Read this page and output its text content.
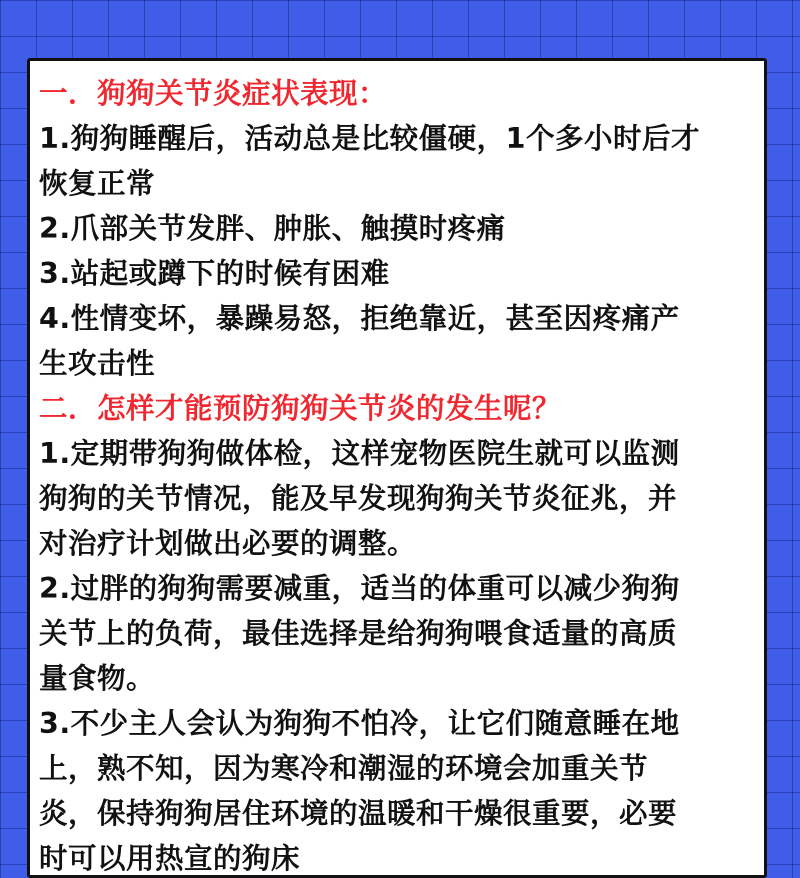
一．狗狗关节炎症状表现：
1.狗狗睡醒后，活动总是比较僵硬，1个多小时后才
恢复正常
2.爪部关节发胖、肿胀、触摸时疼痛
3.站起或蹲下的时候有困难
4.性情变坏，暴躁易怒，拒绝靠近，甚至因疼痛产
生攻击性
二．怎样才能预防狗狗关节炎的发生呢？
1.定期带狗狗做体检，这样宠物医院生就可以监测
狗狗的关节情况，能及早发现狗狗关节炎征兆，并
对治疗计划做出必要的调整。
2.过胖的狗狗需要减重，适当的体重可以减少狗狗
关节上的负荷，最佳选择是给狗狗喂食适量的高质
量食物。
3.不少主人会认为狗狗不怕冷，让它们随意睡在地
上，熟不知，因为寒冷和潮湿的环境会加重关节
炎，保持狗狗居住环境的温暖和干燥很重要，必要
时可以用热宣的狗床
